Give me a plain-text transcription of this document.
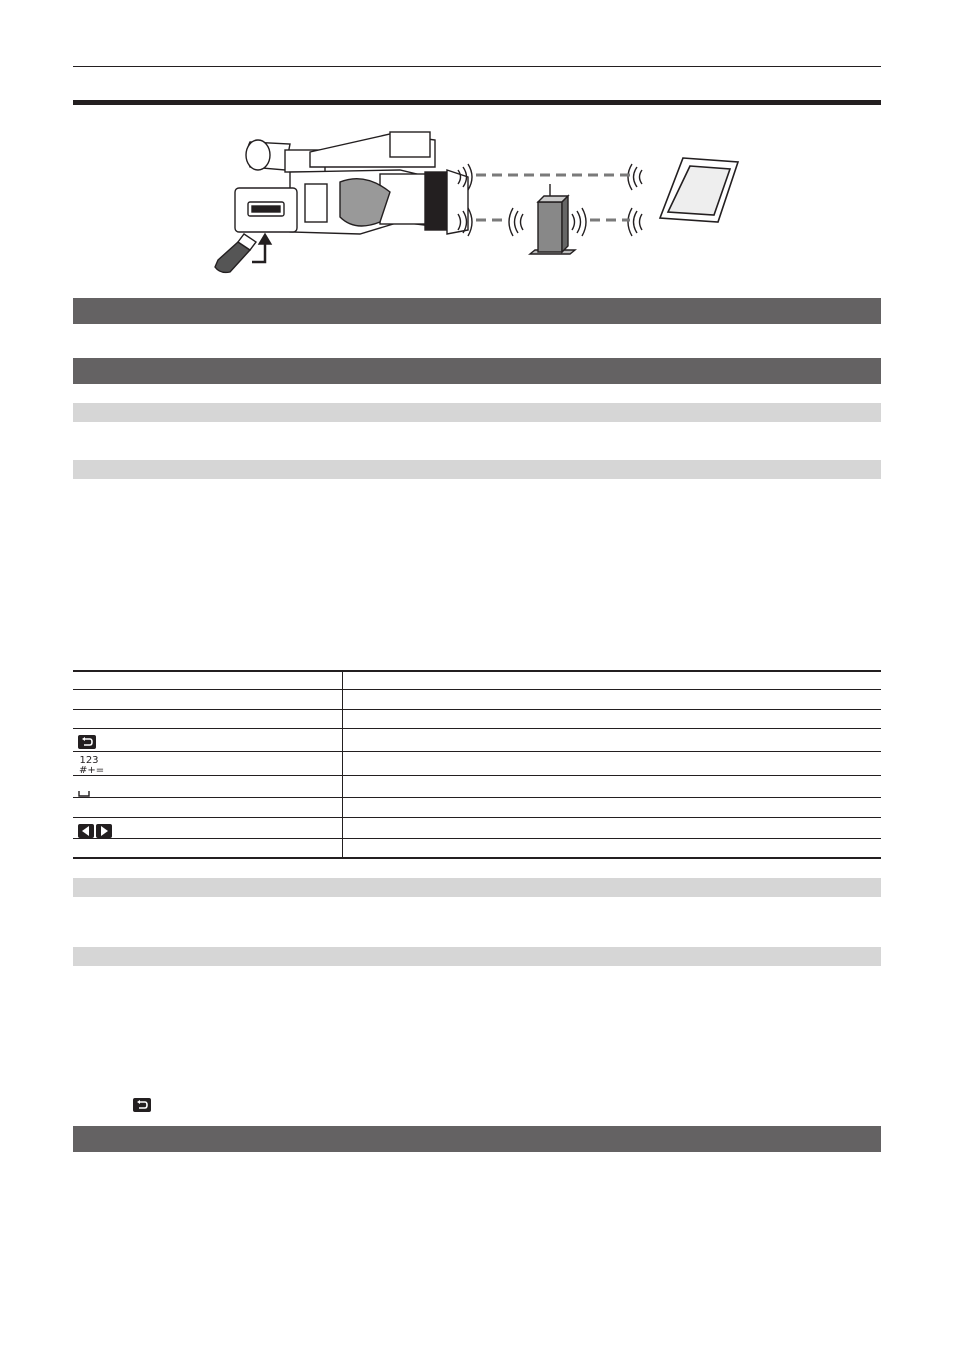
123
#+=
